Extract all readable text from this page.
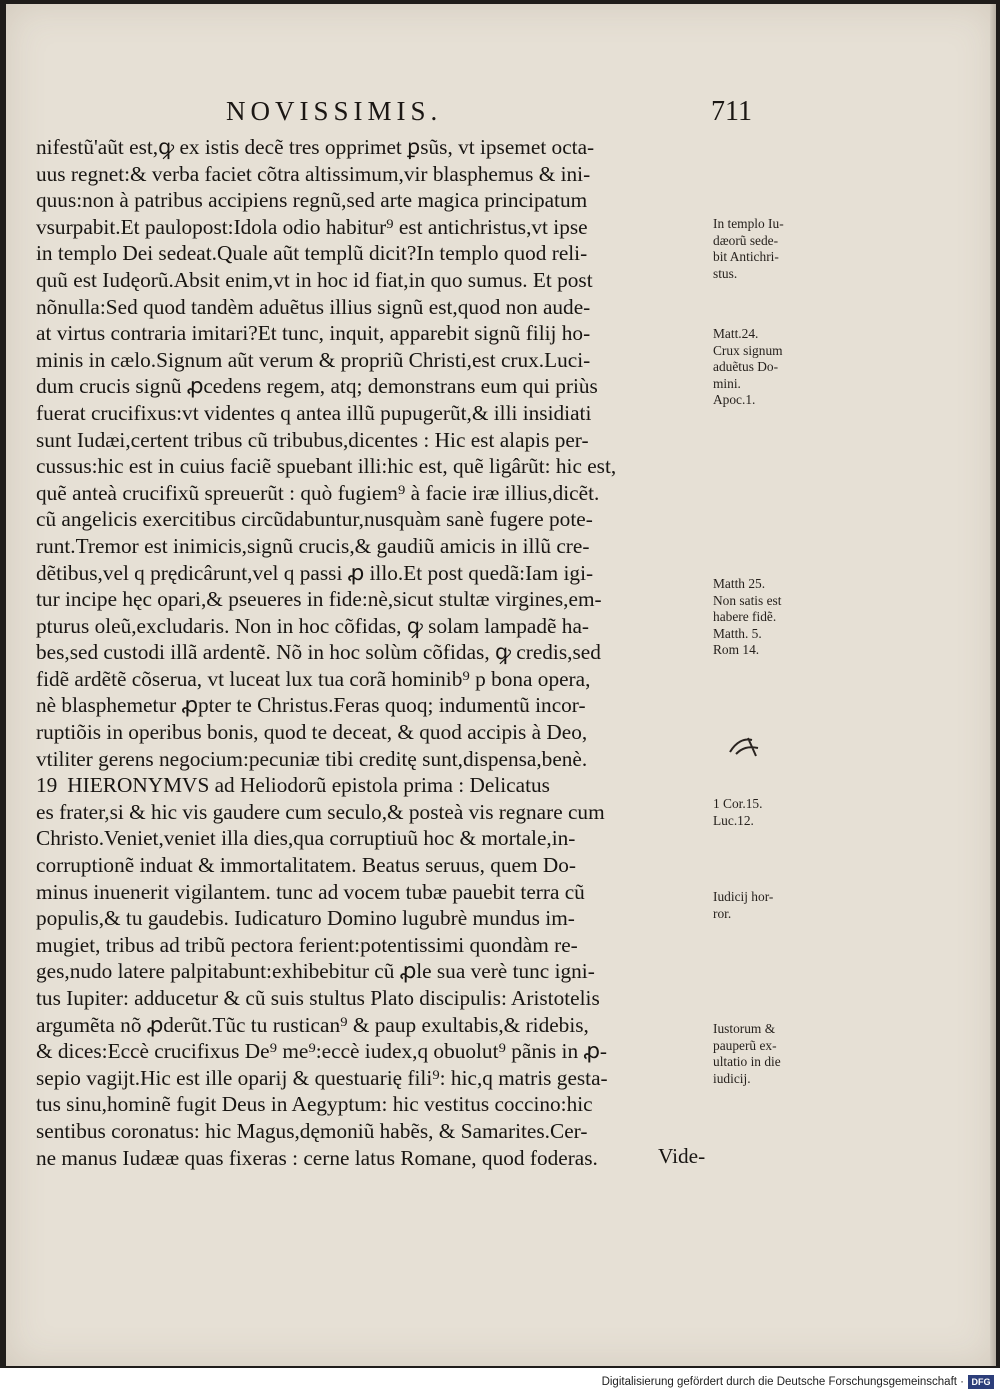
NOVISSIMIS.	711
nifestũ'aũt est,ꝙ ex istis decẽ tres opprimet ꝑsũs, vt ipsemet octa-
uus regnet:& verba faciet cõtra altissimum,vir blasphemus & ini-
quus:non à patribus accipiens regnũ,sed arte magica principatum
vsurpabit.Et paulopost:Idola odio habitur⁹ est antichristus,vt ipse
in templo Dei sedeat.Quale aũt templũ dicit?In templo quod reli-
quũ est Iudęorũ.Absit enim,vt in hoc id fiat,in quo sumus. Et post
nõnulla:Sed quod tandèm aduẽtus illius signũ est,quod non aude-
at virtus contraria imitari?Et tunc, inquit, apparebit signũ filij ho-
minis in cælo.Signum aũt verum & propriũ Christi,est crux.Luci-
dum crucis signũ ꝓcedens regem, atq; demonstrans eum qui priùs
fuerat crucifixus:vt videntes q antea illũ pupugerũt,& illi insidiati
sunt Iudæi,certent tribus cũ tribubus,dicentes : Hic est alapis per-
cussus:hic est in cuius faciẽ spuebant illi:hic est, quẽ ligârũt: hic est,
quẽ anteà crucifixũ spreuerũt : quò fugiem⁹ à facie iræ illius,dicẽt.
cũ angelicis exercitibus circũdabuntur,nusquàm sanè fugere pote-
runt.Tremor est inimicis,signũ crucis,& gaudiũ amicis in illũ cre-
dẽtibus,vel q prędicârunt,vel q passi ꝓ illo.Et post quedã:Iam igi-
tur incipe hęc opari,& pseueres in fide:nè,sicut stultæ virgines,em-
pturus oleũ,excludaris. Non in hoc cõfidas, ꝙ solam lampadẽ ha-
bes,sed custodi illã ardentẽ. Nõ in hoc solùm cõfidas, ꝙ credis,sed
fidẽ ardẽtẽ cõserua, vt luceat lux tua corã hominib⁹ p bona opera,
nè blasphemetur ꝓpter te Christus.Feras quoq; indumentũ incor-
ruptiõis in operibus bonis, quod te deceat, & quod accipis à Deo,
vtiliter gerens negocium:pecuniæ tibi creditę sunt,dispensa,benè.
19 HIERONYMVS ad Heliodorũ epistola prima : Delicatus
es frater,si & hic vis gaudere cum seculo,& posteà vis regnare cum
Christo.Veniet,veniet illa dies,qua corruptiuũ hoc & mortale,in-
corruptionẽ induat & immortalitatem. Beatus seruus, quem Do-
minus inuenerit vigilantem. tunc ad vocem tubæ pauebit terra cũ
populis,& tu gaudebis. Iudicaturo Domino lugubrè mundus im-
mugiet, tribus ad tribũ pectora ferient:potentissimi quondàm re-
ges,nudo latere palpitabunt:exhibebitur cũ ꝓle sua verè tunc igni-
tus Iupiter: adducetur & cũ suis stultus Plato discipulis: Aristotelis
argumẽta nõ ꝓderũt.Tũc tu rustican⁹ & paup exultabis,& ridebis,
& dices:Eccè crucifixus De⁹ me⁹:eccè iudex,q obuolut⁹ pãnis in ꝓ-
sepio vagijt.Hic est ille oparij & questuarię fili⁹: hic,q matris gesta-
tus sinu,hominẽ fugit Deus in Aegyptum: hic vestitus coccino:hic
sentibus coronatus: hic Magus,dęmoniũ habẽs, & Samarites.Cer-
ne manus Iudææ quas fixeras : cerne latus Romane, quod foderas.	Vide-
In templo Iu-
dæorũ sede-
bit Antichri-
stus.
Matt.24.
Crux signum
aduẽtus Do-
mini.
Apoc.1.
Matth 25.
Non satis est
habere fidẽ.
Matth. 5.
Rom 14.
1 Cor.15.
Luc.12.
Iudicij hor-
ror.
Iustorum &
pauperũ ex-
ultatio in die
iudicij.
Digitalisierung gefördert durch die Deutsche Forschungsgemeinschaft · DFG
